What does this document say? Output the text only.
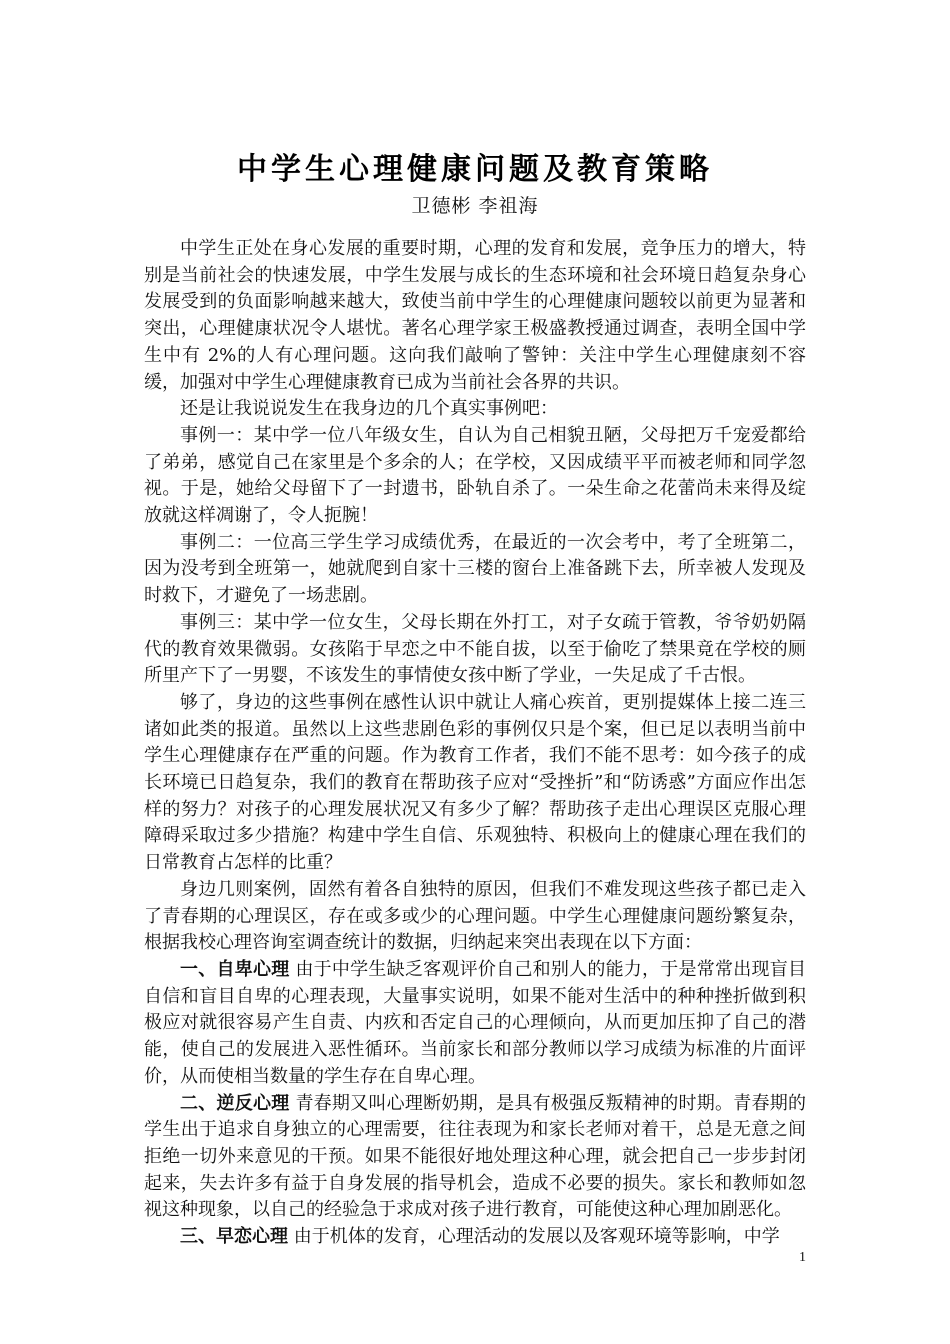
中学生心理健康问题及教育策略

卫德彬 李祖海

中学生正处在身心发展的重要时期，心理的发育和发展，竞争压力的增大，特别是当前社会的快速发展，中学生发展与成长的生态环境和社会环境日趋复杂身心发展受到的负面影响越来越大，致使当前中学生的心理健康问题较以前更为显著和突出，心理健康状况令人堪忧。著名心理学家王极盛教授通过调查，表明全国中学生中有 2%的人有心理问题。这向我们敲响了警钟：关注中学生心理健康刻不容缓，加强对中学生心理健康教育已成为当前社会各界的共识。

还是让我说说发生在我身边的几个真实事例吧：

事例一：某中学一位八年级女生，自认为自己相貌丑陋，父母把万千宠爱都给了弟弟，感觉自己在家里是个多余的人；在学校，又因成绩平平而被老师和同学忽视。于是，她给父母留下了一封遗书，卧轨自杀了。一朵生命之花蕾尚未来得及绽放就这样凋谢了，令人扼腕！

事例二：一位高三学生学习成绩优秀，在最近的一次会考中，考了全班第二，因为没考到全班第一，她就爬到自家十三楼的窗台上准备跳下去，所幸被人发现及时救下，才避免了一场悲剧。

事例三：某中学一位女生，父母长期在外打工，对子女疏于管教，爷爷奶奶隔代的教育效果微弱。女孩陷于早恋之中不能自拔，以至于偷吃了禁果竟在学校的厕所里产下了一男婴，不该发生的事情使女孩中断了学业，一失足成了千古恨。

够了，身边的这些事例在感性认识中就让人痛心疾首，更别提媒体上接二连三诸如此类的报道。虽然以上这些悲剧色彩的事例仅只是个案，但已足以表明当前中学生心理健康存在严重的问题。作为教育工作者，我们不能不思考：如今孩子的成长环境已日趋复杂，我们的教育在帮助孩子应对“受挫折”和“防诱惑”方面应作出怎样的努力？对孩子的心理发展状况又有多少了解？帮助孩子走出心理误区克服心理障碍采取过多少措施？构建中学生自信、乐观独特、积极向上的健康心理在我们的日常教育占怎样的比重？

身边几则案例，固然有着各自独特的原因，但我们不难发现这些孩子都已走入了青春期的心理误区，存在或多或少的心理问题。中学生心理健康问题纷繁复杂，根据我校心理咨询室调查统计的数据，归纳起来突出表现在以下方面：

一、自卑心理 由于中学生缺乏客观评价自己和别人的能力，于是常常出现盲目自信和盲目自卑的心理表现，大量事实说明，如果不能对生活中的种种挫折做到积极应对就很容易产生自责、内疚和否定自己的心理倾向，从而更加压抑了自己的潜能，使自己的发展进入恶性循环。当前家长和部分教师以学习成绩为标准的片面评价，从而使相当数量的学生存在自卑心理。

二、逆反心理 青春期又叫心理断奶期，是具有极强反叛精神的时期。青春期的学生出于追求自身独立的心理需要，往往表现为和家长老师对着干，总是无意之间拒绝一切外来意见的干预。如果不能很好地处理这种心理，就会把自己一步步封闭起来，失去许多有益于自身发展的指导机会，造成不必要的损失。家长和教师如忽视这种现象，以自己的经验急于求成对孩子进行教育，可能使这种心理加剧恶化。

三、早恋心理 由于机体的发育，心理活动的发展以及客观环境等影响，中学

1
